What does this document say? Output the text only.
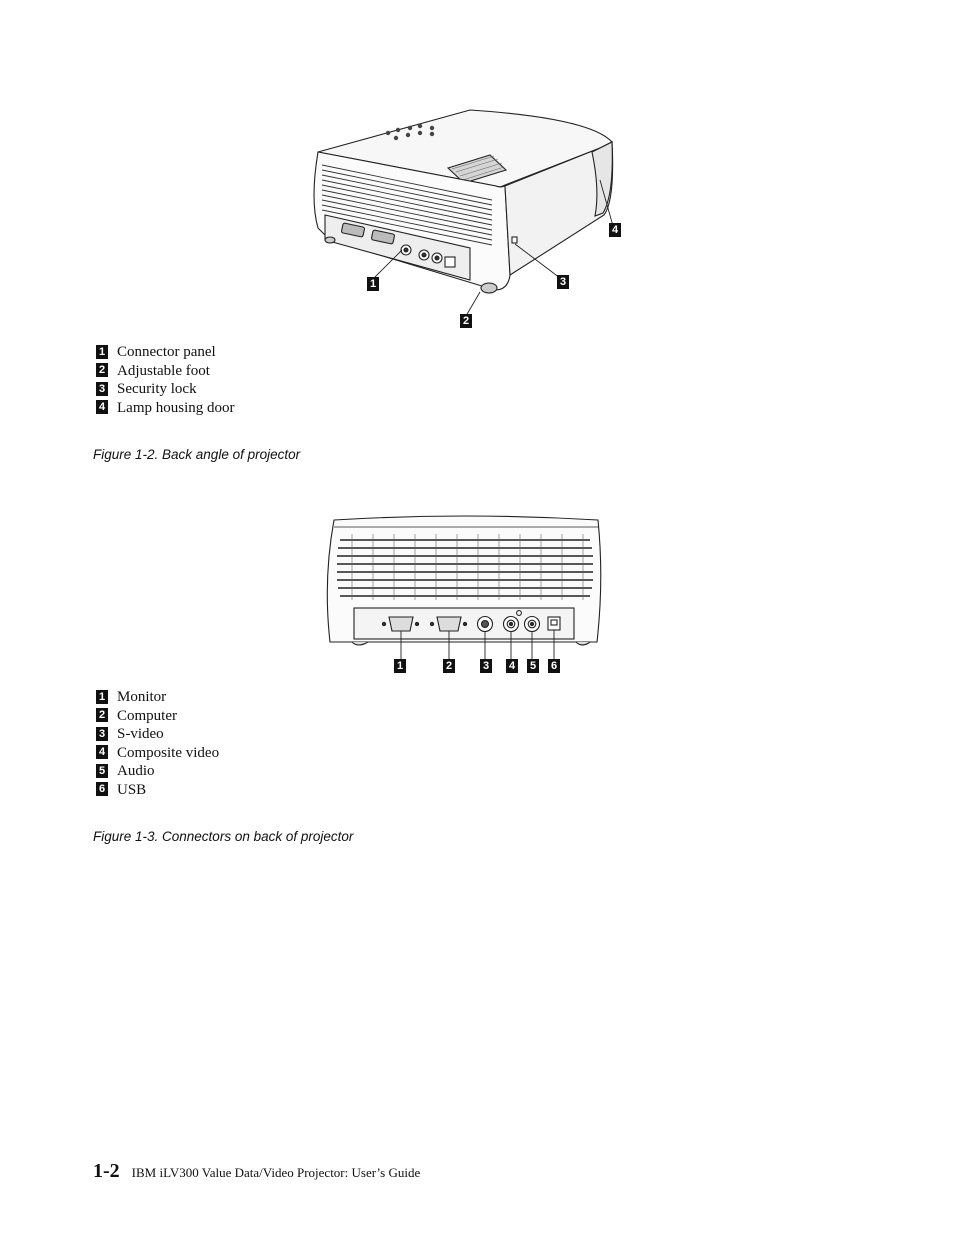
1
2
3
4
1 Connector panel
2 Adjustable foot
3 Security lock
4 Lamp housing door
Figure 1-2. Back angle of projector
1	2	3 4 5 6
1 Monitor
2 Computer
3 S-video
4 Composite video
5 Audio
6 USB
Figure 1-3. Connectors on back of projector
1-2 IBM iLV300 Value Data/Video Projector: User’s Guide
